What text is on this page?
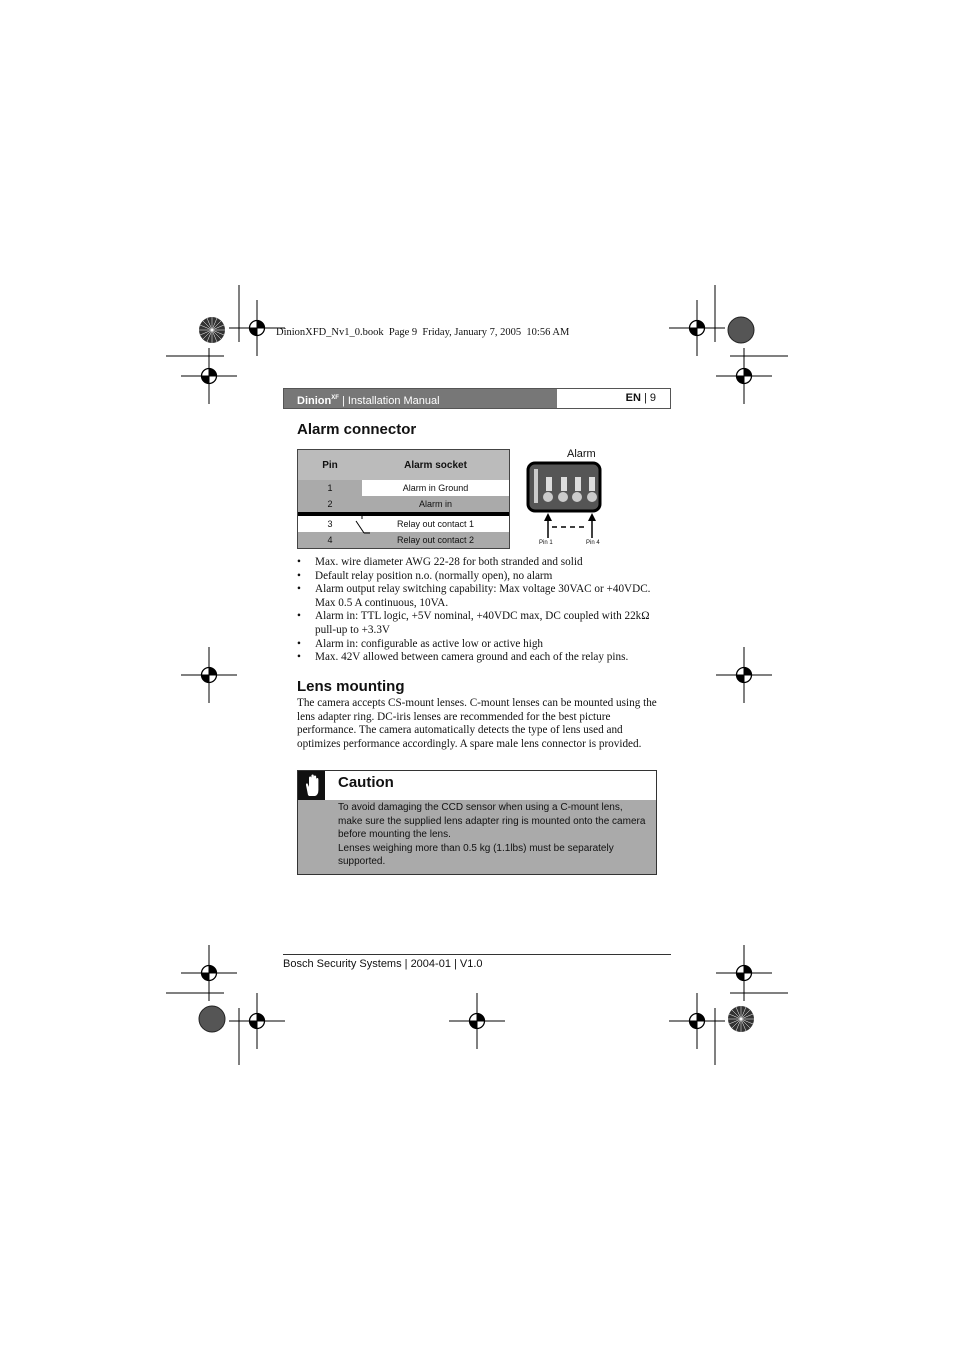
DinionXFD_Nv1_0.book  Page 9  Friday, January 7, 2005  10:56 AM
Dinion$^{XF}$ | Installation Manual	EN | 9
Alarm connector
Pin	Alarm socket
1	Alarm in Ground
2	Alarm in
3	Relay out contact 1
4	Relay out contact 2
Alarm
Pin 1	Pin 4
• Max. wire diameter AWG 22-28 for both stranded and solid
• Default relay position n.o. (normally open), no alarm
• Alarm output relay switching capability: Max voltage 30VAC or +40VDC. Max 0.5 A continuous, 10VA.
• Alarm in: TTL logic, +5V nominal, +40VDC max, DC coupled with 22kΩ pull-up to +3.3V
• Alarm in: configurable as active low or active high
• Max. 42V allowed between camera ground and each of the relay pins.
Lens mounting

The camera accepts CS-mount lenses. C-mount lenses can be mounted using the lens adapter ring. DC-iris lenses are recommended for the best picture performance. The camera automatically detects the type of lens used and optimizes performance accordingly. A spare male lens connector is provided.

Caution
To avoid damaging the CCD sensor when using a C-mount lens, make sure the supplied lens adapter ring is mounted onto the camera before mounting the lens.
Lenses weighing more than 0.5 kg (1.1lbs) must be separately supported.
Bosch Security Systems | 2004-01 | V1.0
